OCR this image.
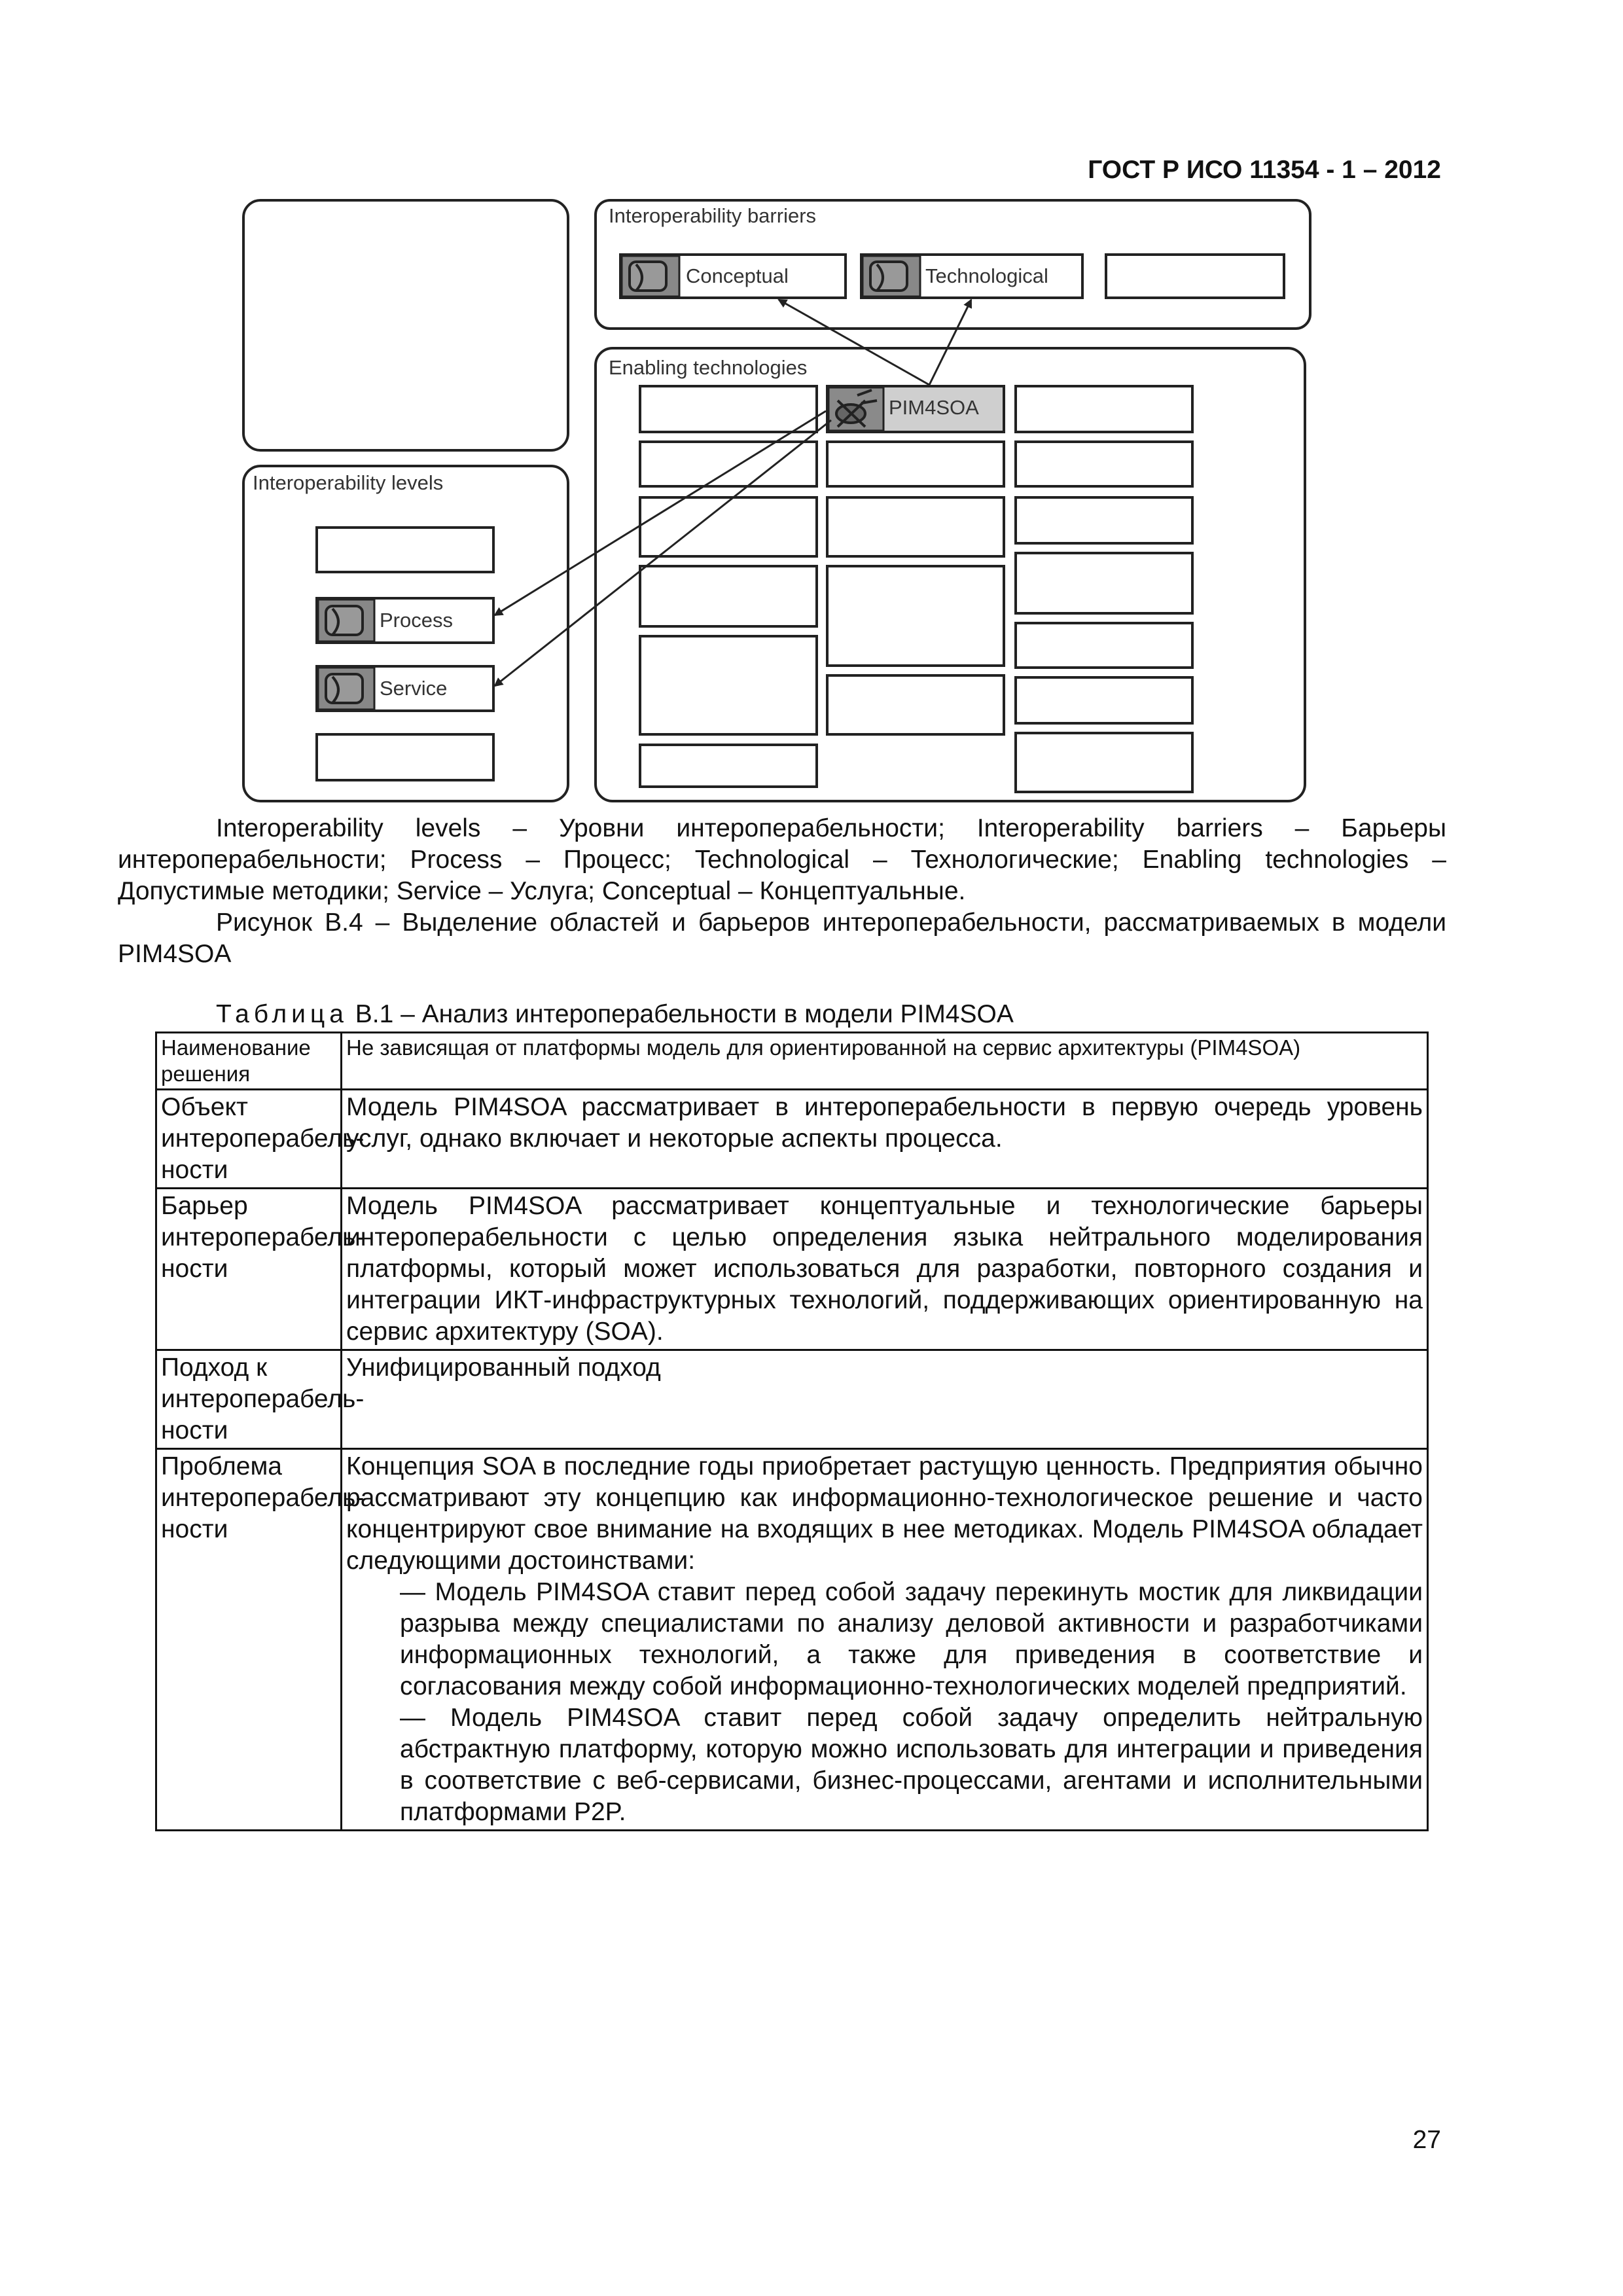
ГОСТ Р ИСО 11354 - 1 – 2012
Interoperability barriers
Conceptual	Technological
Enabling technologies
PIM4SOA
Interoperability levels
Process
Service

Interoperability levels – Уровни интероперабельности; Interoperability barriers – Барьеры интероперабельности; Process – Процесс; Technological – Технологические; Enabling technologies – Допустимые методики; Service – Услуга; Conceptual – Концептуальные.

Рисунок B.4 – Выделение областей и барьеров интероперабельности, рассматриваемых в модели PIM4SOA

Таблица В.1 – Анализ интероперабельности в модели PIM4SOA
Наименование решения	Не зависящая от платформы модель для ориентированной на сервис архитектуры (PIM4SOA)
Объект интероперабель-ности	Модель PIM4SOA рассматривает в интероперабельности в первую очередь уровень услуг, однако включает и некоторые аспекты процесса.
Барьер интероперабель-ности	Модель PIM4SOA рассматривает концептуальные и технологические барьеры интероперабельности с целью определения языка нейтрального моделирования платформы, который может использоваться для разработки, повторного создания и интеграции ИКТ-инфраструктурных технологий, поддерживающих ориентированную на сервис архитектуру (SOA).
Подход к интероперабель-ности	Унифицированный подход
Проблема интероперабель-ности	Концепция SOA в последние годы приобретает растущую ценность. Предприятия обычно рассматривают эту концепцию как информационно-технологическое решение и часто концентрируют свое внимание на входящих в нее методиках. Модель PIM4SOA обладает следующими достоинствами:
— Модель PIM4SOA ставит перед собой задачу перекинуть мостик для ликвидации разрыва между специалистами по анализу деловой активности и разработчиками информационных технологий, а также для приведения в соответствие и согласования между собой информационно-технологических моделей предприятий.
— Модель PIM4SOA ставит перед собой задачу определить нейтральную абстрактную платформу, которую можно использовать для интеграции и приведения в соответствие с веб-сервисами, бизнес-процессами, агентами и исполнительными платформами P2P.
27
